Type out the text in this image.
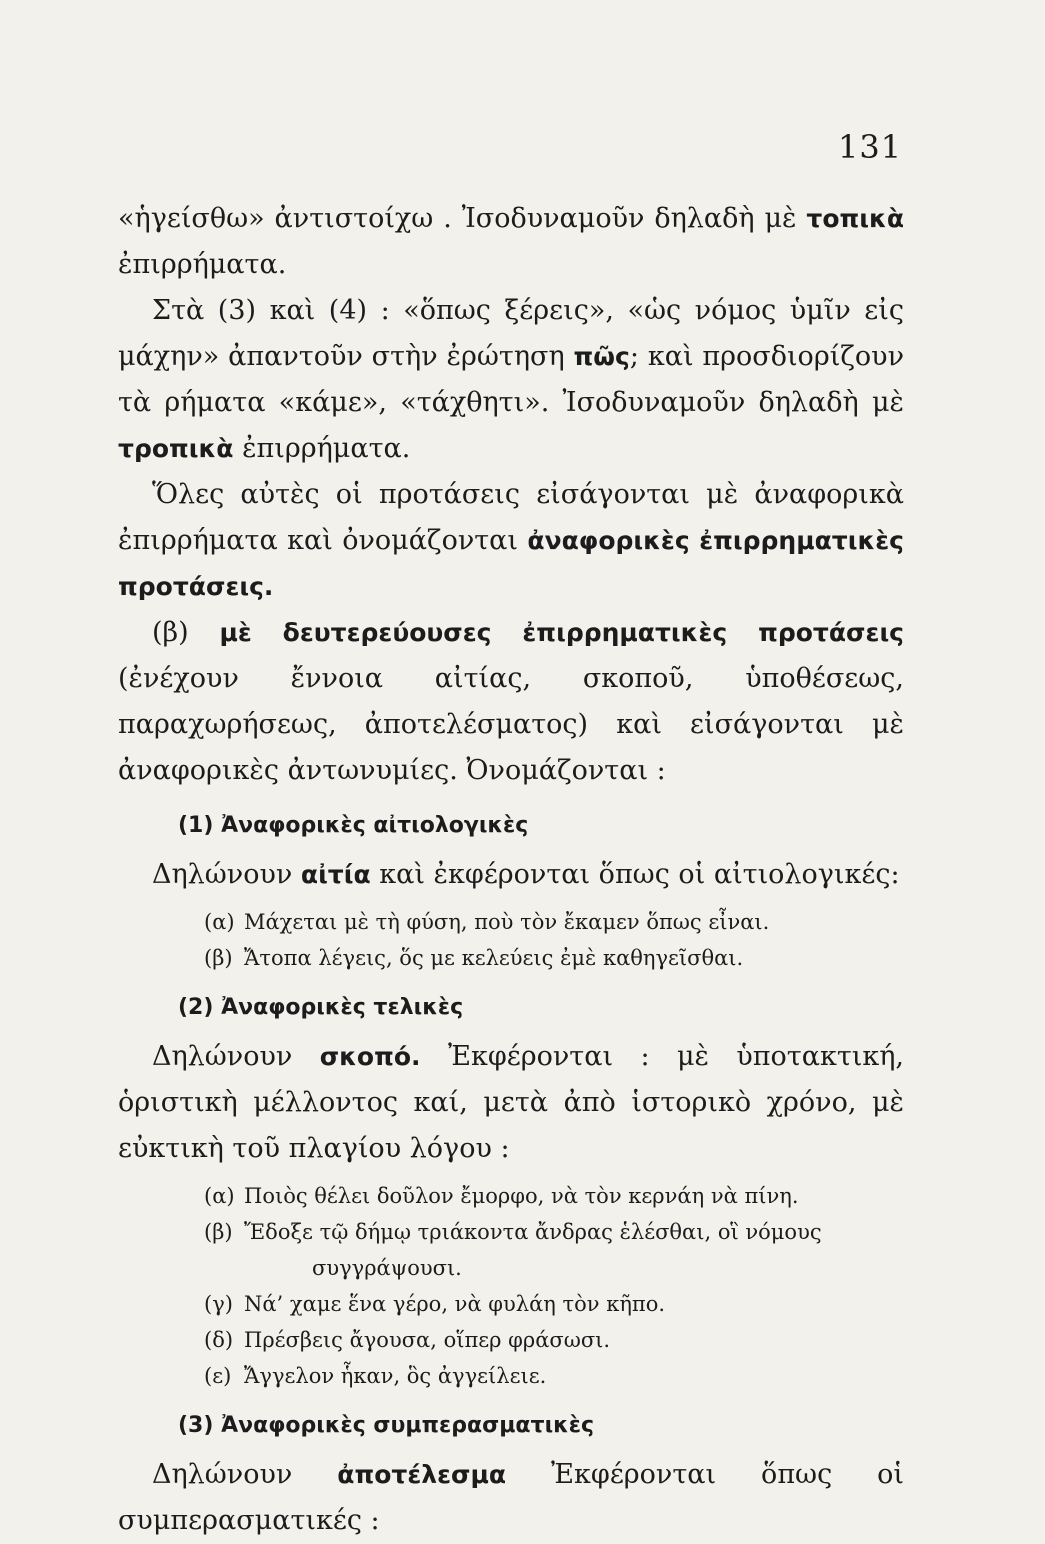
131

«ἡγείσθω» ἀντιστοίχω . Ἰσοδυναμοῦν δηλαδὴ μὲ τοπικὰ ἐπιρρήματα.

Στὰ (3) καὶ (4) : «ὅπως ξέρεις», «ὡς νόμος ὑμῖν εἰς μάχην» ἀπαντοῦν στὴν ἐρώτηση πῶς; καὶ προσδιορίζουν τὰ ρήματα «κάμε», «τάχθητι». Ἰσοδυναμοῦν δηλαδὴ μὲ τροπικὰ ἐπιρρήματα.

Ὅλες αὐτὲς οἱ προτάσεις εἰσάγονται μὲ ἀναφορικὰ ἐπιρρήματα καὶ ὀνομάζονται ἀναφορικὲς ἐπιρρηματικὲς προτάσεις.

(β) μὲ δευτερεύουσες ἐπιρρηματικὲς προτάσεις (ἐνέχουν ἔννοια αἰτίας, σκοποῦ, ὑποθέσεως, παραχωρήσεως, ἀποτελέσματος) καὶ εἰσάγονται μὲ ἀναφορικὲς ἀντωνυμίες. Ὀνομάζονται :

(1) Ἀναφορικὲς αἰτιολογικὲς

Δηλώνουν αἰτία καὶ ἐκφέρονται ὅπως οἱ αἰτιολογικές:

(α) Μάχεται μὲ τὴ φύση, ποὺ τὸν ἔκαμεν ὅπως εἶναι.
(β) Ἄτοπα λέγεις, ὅς με κελεύεις ἐμὲ καθηγεῖσθαι.
(2) Ἀναφορικὲς τελικὲς

Δηλώνουν σκοπό. Ἐκφέρονται : μὲ ὑποτακτική, ὁριστικὴ μέλλοντος καί, μετὰ ἀπὸ ἱστορικὸ χρόνο, μὲ εὐκτικὴ τοῦ πλαγίου λόγου :

(α) Ποιὸς θέλει δοῦλον ἔμορφο, νὰ τὸν κερνάη νὰ πίνη.
(β) Ἔδοξε τῷ δήμῳ τριάκοντα ἄνδρας ἑλέσθαι, οἳ νόμους
συγγράψουσι.
(γ) Νά’ χαμε ἕνα γέρο, νὰ φυλάη τὸν κῆπο.
(δ) Πρέσβεις ἄγουσα, οἵπερ φράσωσι.
(ε) Ἄγγελον ἧκαν, ὃς ἀγγείλειε.
(3) Ἀναφορικὲς συμπερασματικὲς

Δηλώνουν ἀποτέλεσμα Ἐκφέρονται ὅπως οἱ συμπερασματικές :
